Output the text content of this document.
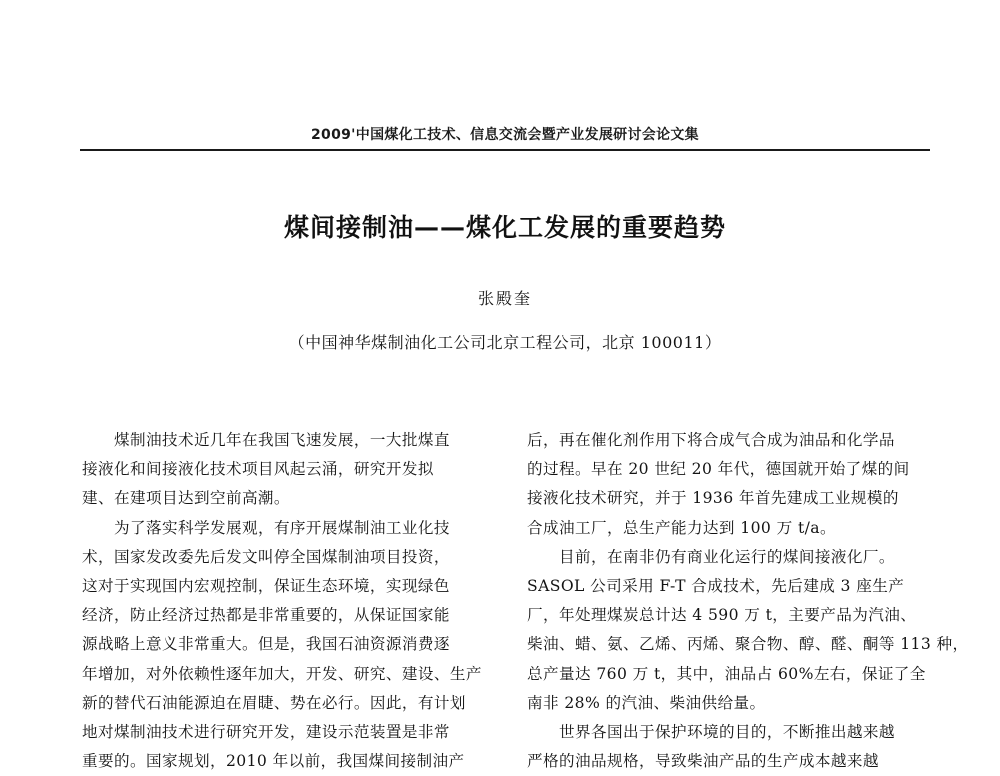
2009'中国煤化工技术、信息交流会暨产业发展研讨会论文集
煤间接制油——煤化工发展的重要趋势
张殿奎
（中国神华煤制油化工公司北京工程公司，北京 100011）
煤制油技术近几年在我国飞速发展，一大批煤直
接液化和间接液化技术项目风起云涌，研究开发拟
建、在建项目达到空前高潮。
为了落实科学发展观，有序开展煤制油工业化技
术，国家发改委先后发文叫停全国煤制油项目投资，
这对于实现国内宏观控制，保证生态环境，实现绿色
经济，防止经济过热都是非常重要的，从保证国家能
源战略上意义非常重大。但是，我国石油资源消费逐
年增加，对外依赖性逐年加大，开发、研究、建设、生产
新的替代石油能源迫在眉睫、势在必行。因此，有计划
地对煤制油技术进行研究开发，建设示范装置是非常
重要的。国家规划，2010 年以前，我国煤间接制油产
后，再在催化剂作用下将合成气合成为油品和化学品
的过程。早在 20 世纪 20 年代，德国就开始了煤的间
接液化技术研究，并于 1936 年首先建成工业规模的
合成油工厂，总生产能力达到 100 万 t/a。
目前，在南非仍有商业化运行的煤间接液化厂。
SASOL 公司采用 F-T 合成技术，先后建成 3 座生产
厂，年处理煤炭总计达 4 590 万 t，主要产品为汽油、
柴油、蜡、氨、乙烯、丙烯、聚合物、醇、醛、酮等 113 种，
总产量达 760 万 t，其中，油品占 60%左右，保证了全
南非 28% 的汽油、柴油供给量。
世界各国出于保护环境的目的，不断推出越来越
严格的油品规格，导致柴油产品的生产成本越来越
